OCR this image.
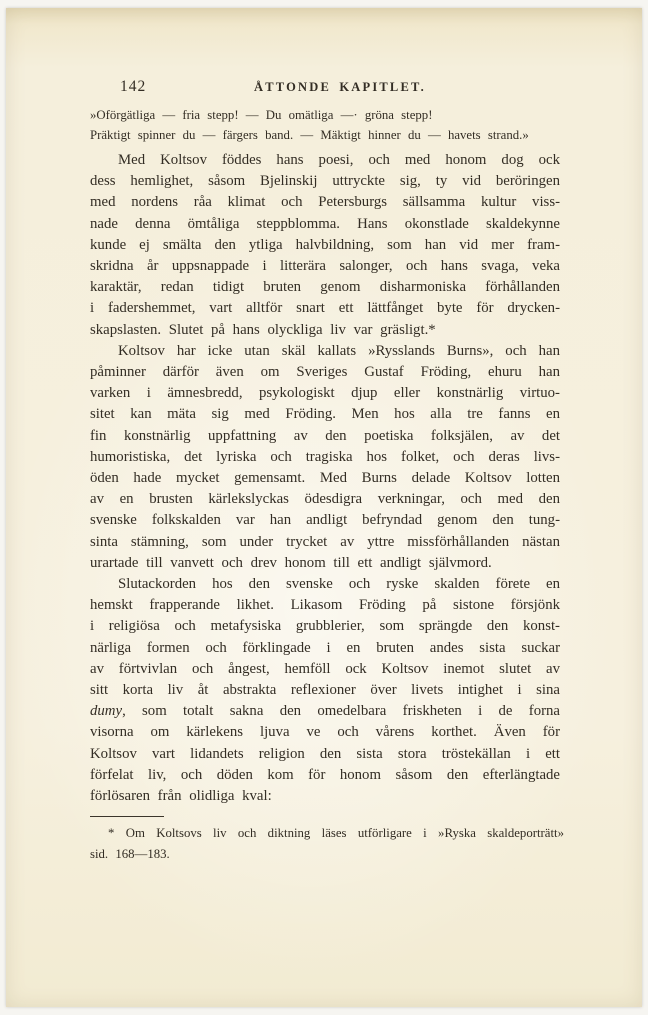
142	ÅTTONDE KAPITLET.
»Oförgätliga — fria stepp! — Du omätliga —· gröna stepp!
Präktigt spinner du — färgers band. — Mäktigt hinner du — havets strand.»
Med Koltsov föddes hans poesi, och med honom dog ock
dess hemlighet, såsom Bjelinskij uttryckte sig, ty vid beröringen
med nordens råa klimat och Petersburgs sällsamma kultur viss-
nade denna ömtåliga steppblomma. Hans okonstlade skaldekynne
kunde ej smälta den ytliga halvbildning, som han vid mer fram-
skridna år uppsnappade i litterära salonger, och hans svaga, veka
karaktär, redan tidigt bruten genom disharmoniska förhållanden
i fadershemmet, vart alltför snart ett lättfånget byte för drycken-
skapslasten. Slutet på hans olyckliga liv var gräsligt.*
Koltsov har icke utan skäl kallats »Rysslands Burns», och han
påminner därför även om Sveriges Gustaf Fröding, ehuru han
varken i ämnesbredd, psykologiskt djup eller konstnärlig virtuo-
sitet kan mäta sig med Fröding. Men hos alla tre fanns en
fin konstnärlig uppfattning av den poetiska folksjälen, av det
humoristiska, det lyriska och tragiska hos folket, och deras livs-
öden hade mycket gemensamt. Med Burns delade Koltsov lotten
av en brusten kärlekslyckas ödesdigra verkningar, och med den
svenske folkskalden var han andligt befryndad genom den tung-
sinta stämning, som under trycket av yttre missförhållanden nästan
urartade till vanvett och drev honom till ett andligt självmord.
Slutackorden hos den svenske och ryske skalden förete en
hemskt frapperande likhet. Likasom Fröding på sistone försjönk
i religiösa och metafysiska grubblerier, som sprängde den konst-
närliga formen och förklingade i en bruten andes sista suckar
av förtvivlan och ångest, hemföll ock Koltsov inemot slutet av
sitt korta liv åt abstrakta reflexioner över livets intighet i sina
dumy, som totalt sakna den omedelbara friskheten i de forna
visorna om kärlekens ljuva ve och vårens korthet. Även för
Koltsov vart lidandets religion den sista stora tröstekällan i ett
förfelat liv, och döden kom för honom såsom den efterlängtade
förlösaren från olidliga kval:
* Om Koltsovs liv och diktning läses utförligare i »Ryska skaldeporträtt»
sid. 168—183.
